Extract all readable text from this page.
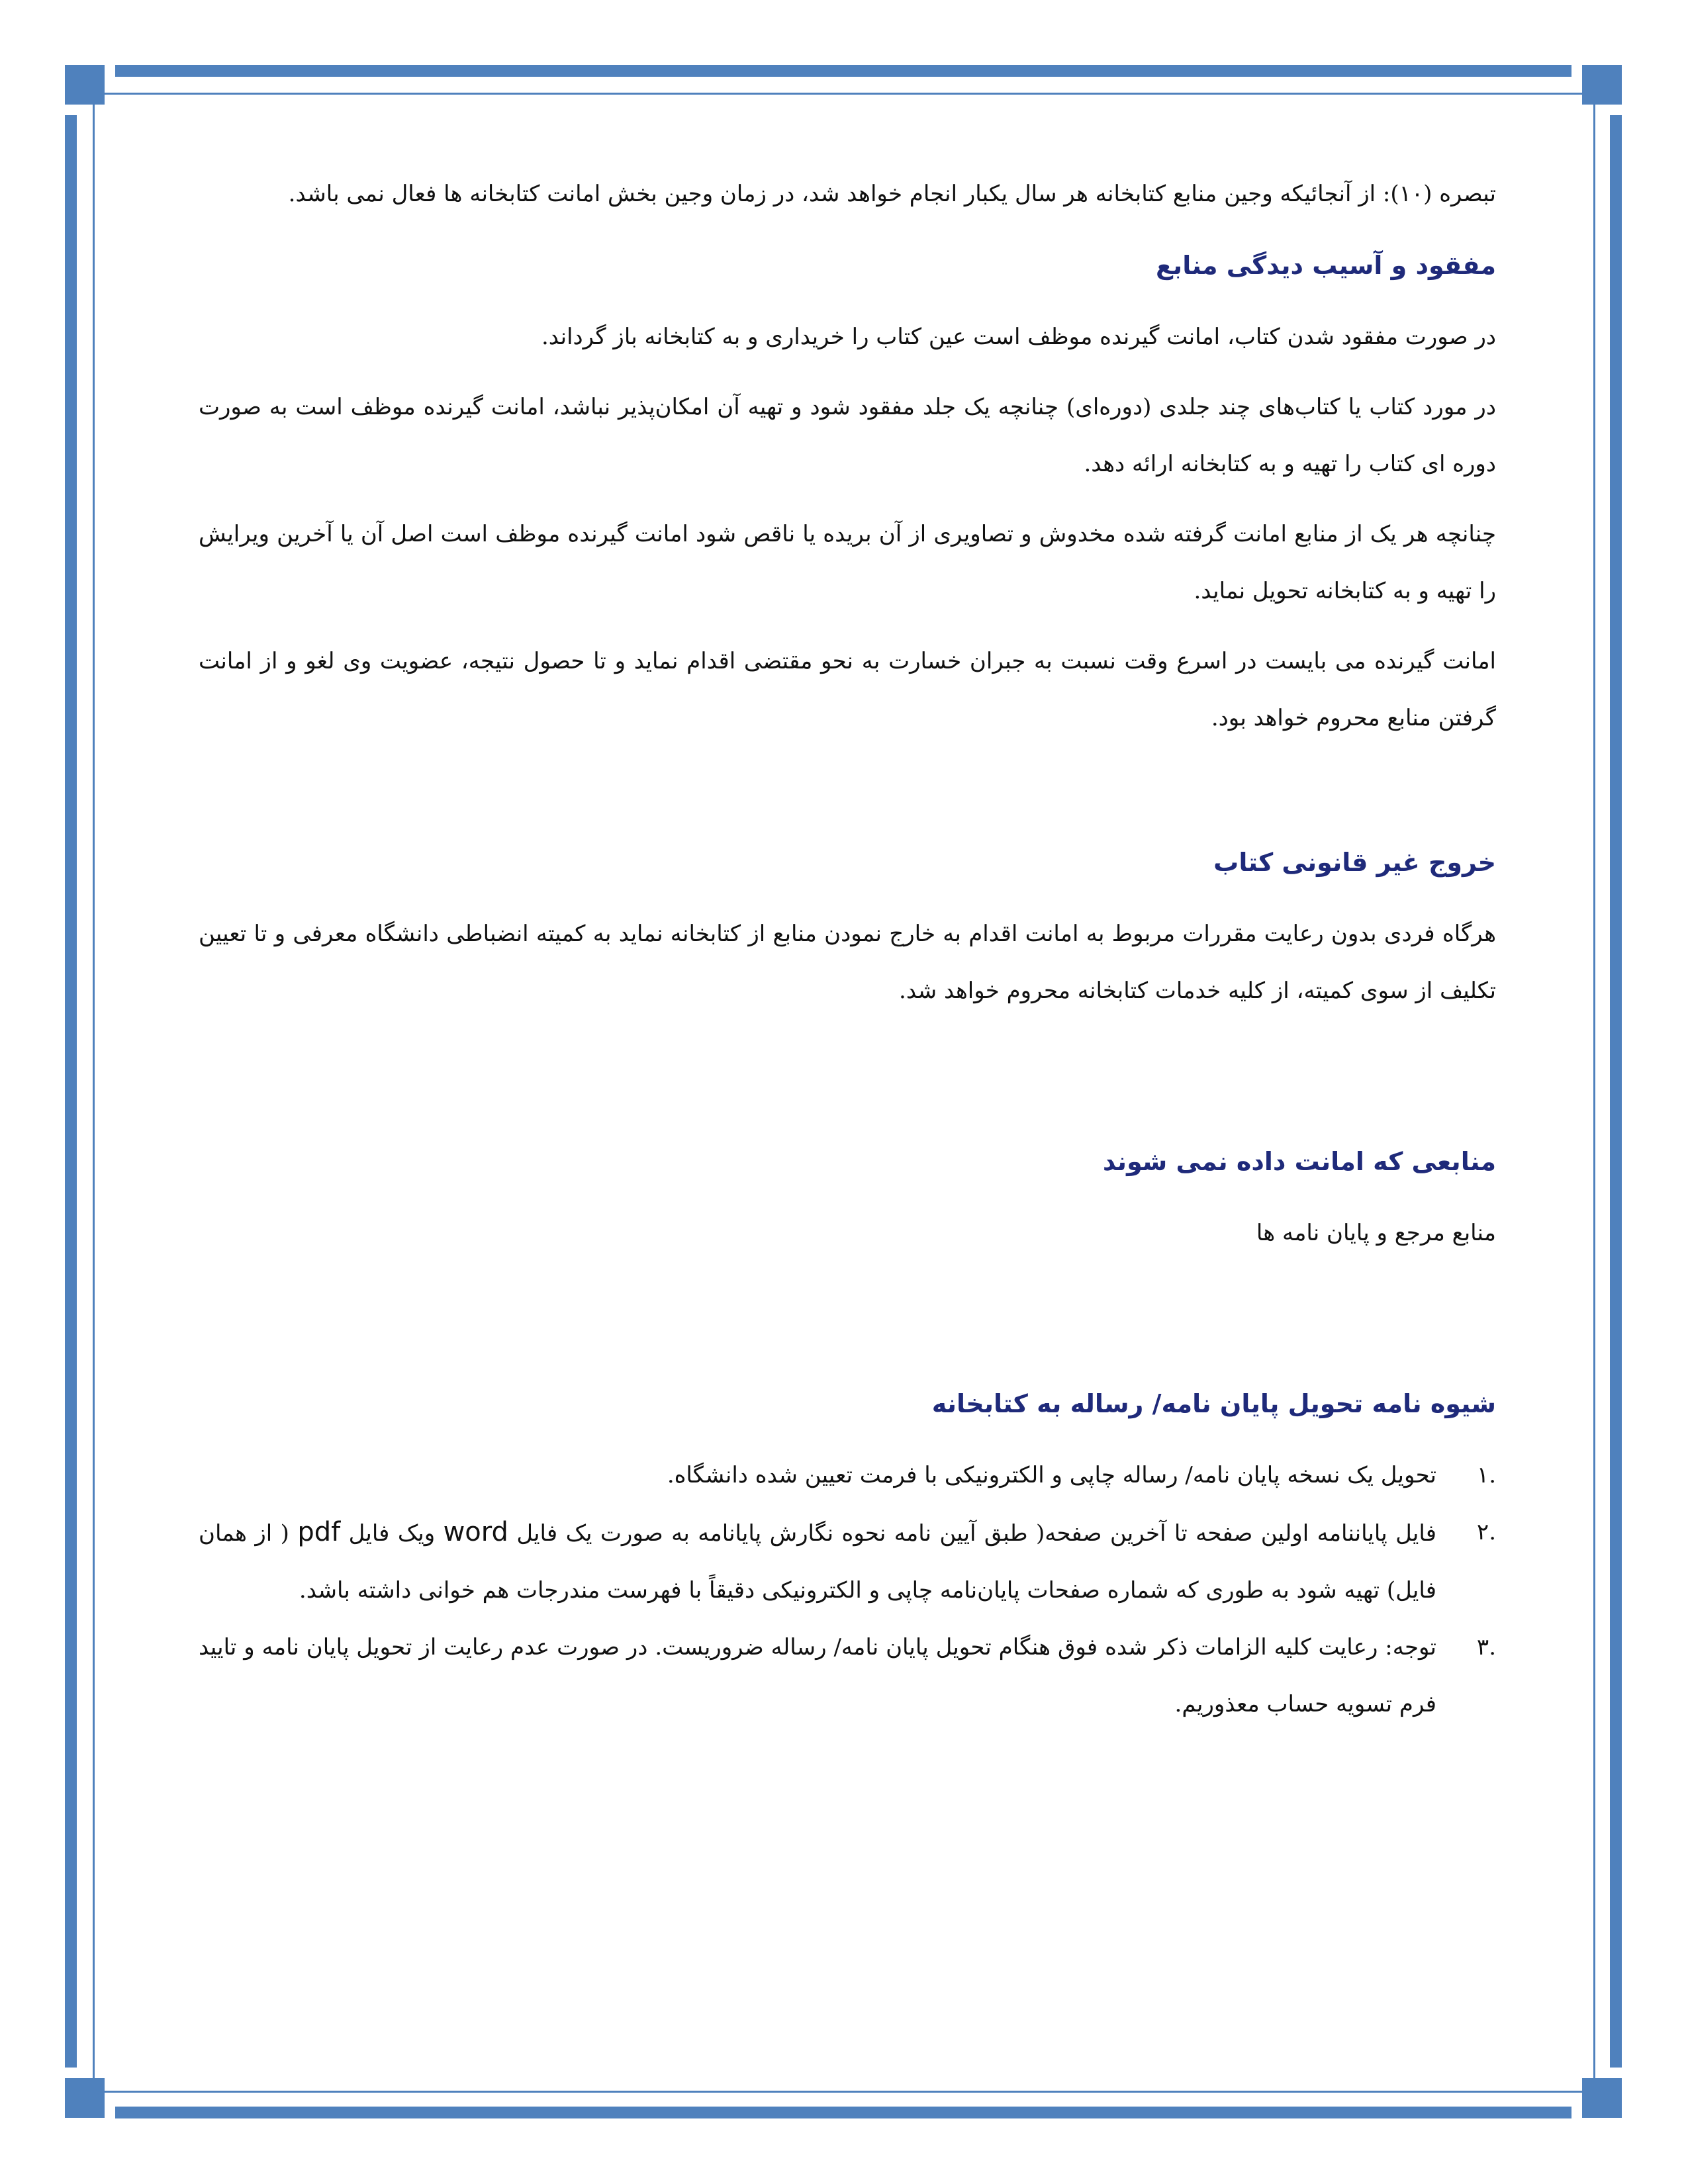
تبصره (۱۰): از آنجائیکه وجین منابع کتابخانه هر سال یکبار انجام خواهد شد، در زمان وجین بخش امانت کتابخانه ها فعال نمی باشد.

مفقود و آسیب دیدگی منابع

در صورت مفقود شدن کتاب، امانت گیرنده موظف است عین کتاب را خریداری و به کتابخانه باز گرداند.

در مورد کتاب یا کتاب‌های چند جلدی (دوره‌ای) چنانچه یک جلد مفقود شود و تهیه آن امکان‌پذیر نباشد، امانت گیرنده موظف است به صورت دوره ای کتاب را تهیه و به کتابخانه ارائه دهد.

چنانچه هر یک از منابع امانت گرفته شده مخدوش و تصاویری از آن بریده یا ناقص شود امانت گیرنده موظف است اصل آن یا آخرین ویرایش را تهیه و به کتابخانه تحویل نماید.

امانت گیرنده می بایست در اسرع وقت نسبت به جبران خسارت به نحو مقتضی اقدام نماید و تا حصول نتیجه، عضویت وی لغو و از امانت گرفتن منابع محروم خواهد بود.

خروج غیر قانونی کتاب

هرگاه فردی بدون رعایت مقررات مربوط به امانت اقدام به خارج نمودن منابع از کتابخانه نماید به کمیته انضباطی دانشگاه معرفی و تا تعیین تکلیف از سوی کمیته، از کلیه خدمات کتابخانه محروم خواهد شد.

منابعی که امانت داده نمی شوند

منابع مرجع و پایان نامه ها

شیوه نامه تحویل پایان نامه/ رساله به کتابخانه
.۱
تحویل یک نسخه پایان نامه/ رساله چاپی و الکترونیکی با فرمت تعیین شده دانشگاه.
.۲
فایل پایاننامه اولین صفحه تا آخرین صفحه( طبق آیین نامه نحوه نگارش پایانامه به صورت یک فایل word ویک فایل pdf ( از همان فایل) تهیه شود به طوری که شماره صفحات پایان‌نامه چاپی و الکترونیکی دقیقاً با فهرست مندرجات هم خوانی داشته باشد.
.۳
توجه: رعایت کلیه الزامات ذکر شده فوق هنگام تحویل پایان نامه/ رساله ضروریست. در صورت عدم رعایت از تحویل پایان نامه و تایید فرم تسویه حساب معذوریم.
